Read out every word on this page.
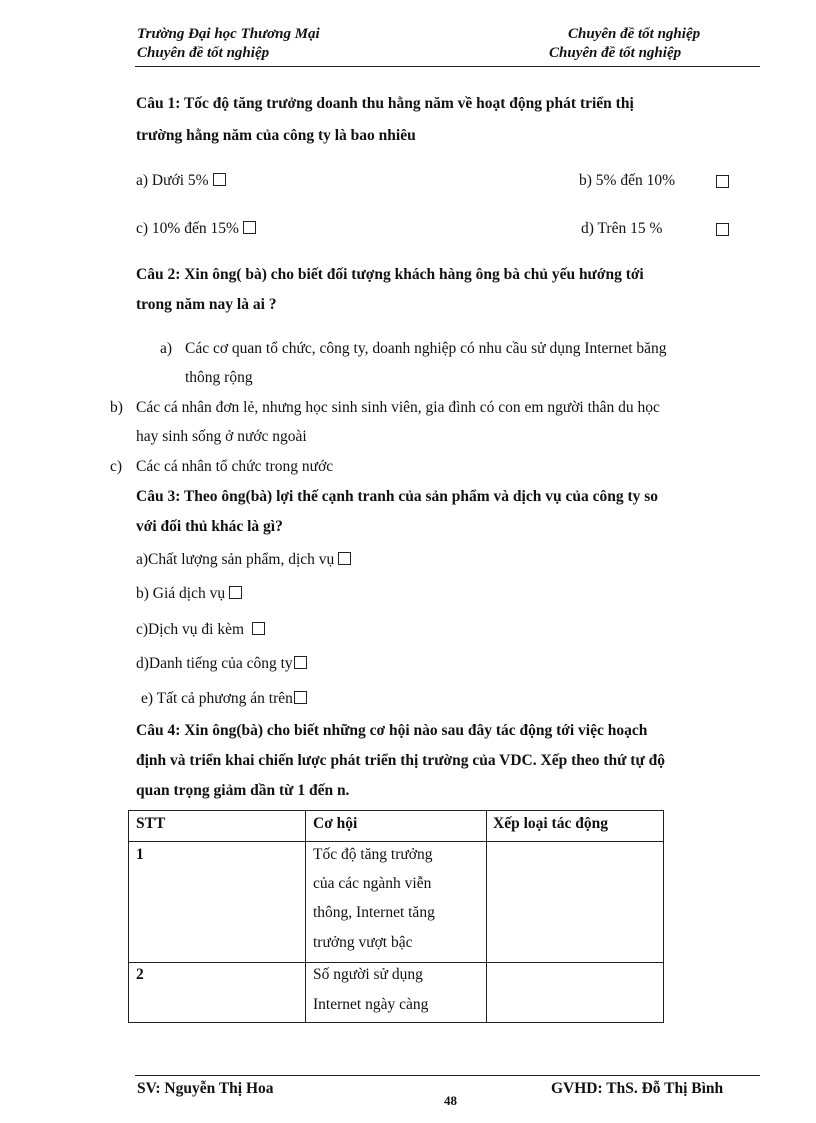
Trường Đại học Thương Mại
Chuyên đề tốt nghiệp
Chuyên đề tốt nghiệp
Chuyên đề tốt nghiệp
Câu 1: Tốc độ tăng trưởng doanh thu hằng năm về hoạt động phát triển thị
trường hằng năm của công ty là bao nhiêu
a) Dưới 5%	b) 5% đến 10%
c) 10% đến 15%	d) Trên 15 %
Câu 2: Xin ông( bà) cho biết đối tượng khách hàng ông bà chủ yếu hướng tới
trong năm nay là ai ?
a) Các cơ quan tổ chức, công ty, doanh nghiệp có nhu cầu sử dụng Internet băng
thông rộng
b) Các cá nhân đơn lẻ, nhưng học sinh sinh viên, gia đình có con em người thân du học
hay sinh sống ở nước ngoài
c) Các cá nhân tổ chức trong nước
Câu 3: Theo ông(bà) lợi thế cạnh tranh của sản phẩm và dịch vụ của công ty so
với đối thủ khác là gì?
a)Chất lượng sản phẩm, dịch vụ
b) Giá dịch vụ
c)Dịch vụ đi kèm
d)Danh tiếng của công ty
e) Tất cả phương án trên
Câu 4: Xin ông(bà) cho biết những cơ hội nào sau đây tác động tới việc hoạch
định và triển khai chiến lược phát triển thị trường của VDC. Xếp theo thứ tự độ
quan trọng giảm dần từ 1 đến n.
STT	Cơ hội	Xếp loại tác động
1	Tốc độ tăng trưởng
của các ngành viễn
thông, Internet tăng
trưởng vượt bậc
2	Số người sử dụng
Internet ngày càng
SV: Nguyễn Thị Hoa
48
GVHD: ThS. Đỗ Thị Bình
